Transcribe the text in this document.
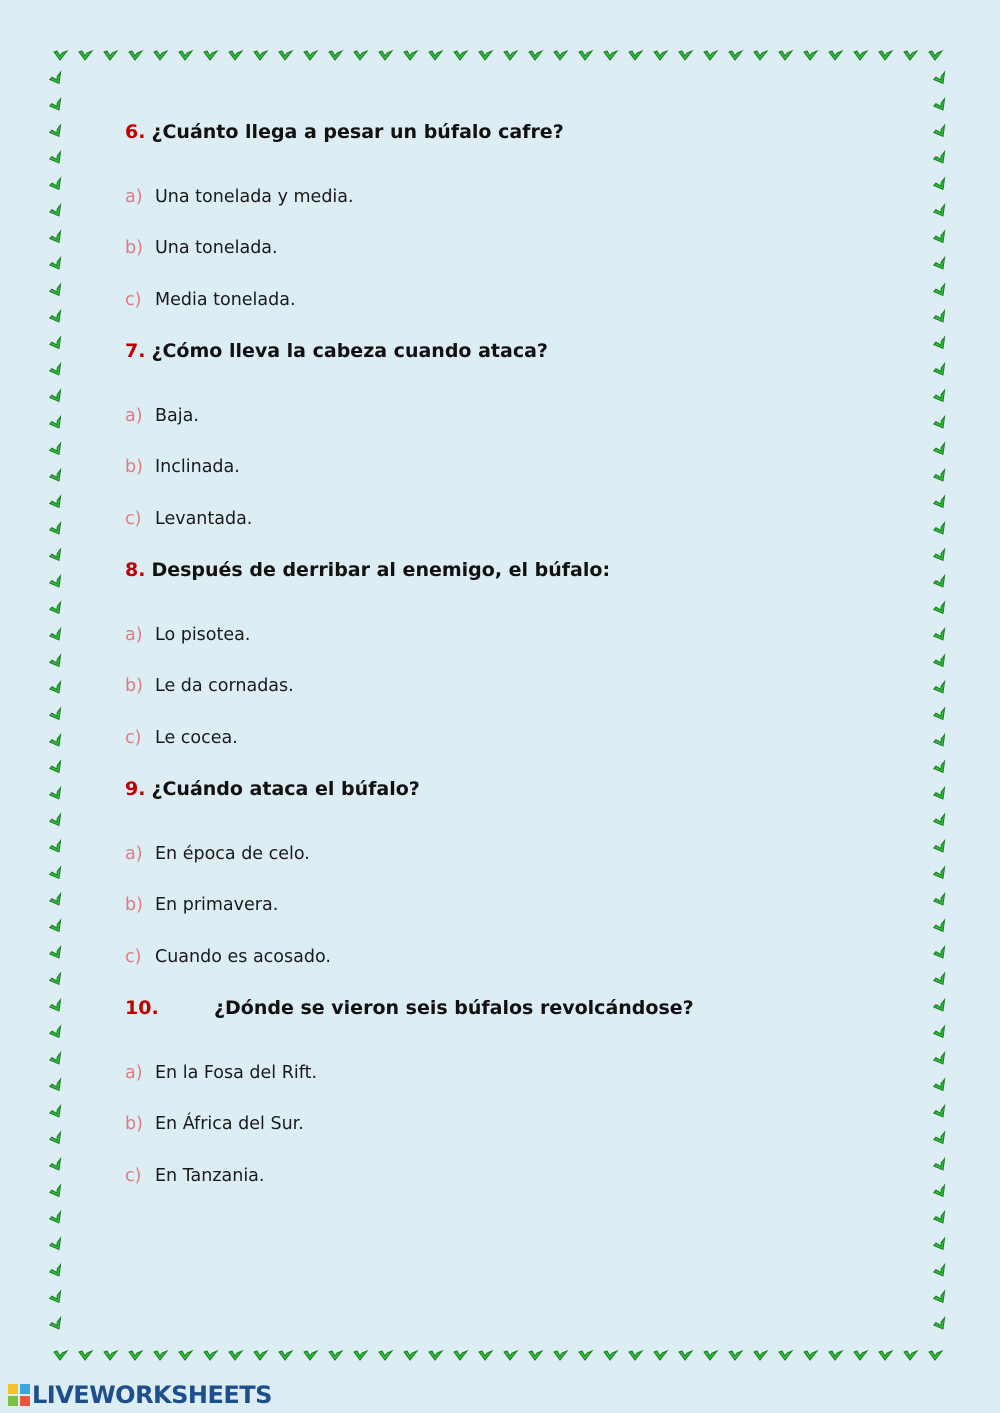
6. ¿Cuánto llega a pesar un búfalo cafre?
a) Una tonelada y media.
b) Una tonelada.
c) Media tonelada.
7. ¿Cómo lleva la cabeza cuando ataca?
a) Baja.
b) Inclinada.
c) Levantada.
8. Después de derribar al enemigo, el búfalo:
a) Lo pisotea.
b) Le da cornadas.
c) Le cocea.
9. ¿Cuándo ataca el búfalo?
a) En época de celo.
b) En primavera.
c) Cuando es acosado.
10.	¿Dónde se vieron seis búfalos revolcándose?
a) En la Fosa del Rift.
b) En África del Sur.
c) En Tanzania.
LIVEWORKSHEETS
